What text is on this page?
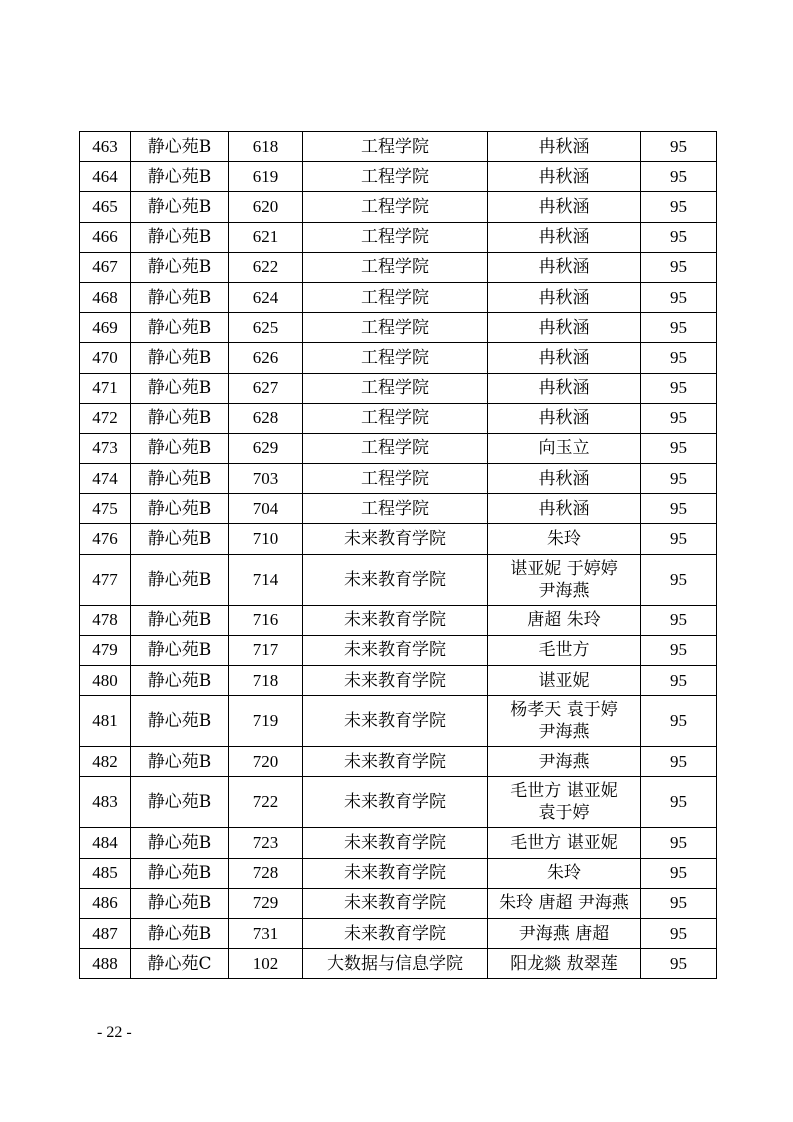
463	静心苑B	618	工程学院	冉秋涵	95
464	静心苑B	619	工程学院	冉秋涵	95
465	静心苑B	620	工程学院	冉秋涵	95
466	静心苑B	621	工程学院	冉秋涵	95
467	静心苑B	622	工程学院	冉秋涵	95
468	静心苑B	624	工程学院	冉秋涵	95
469	静心苑B	625	工程学院	冉秋涵	95
470	静心苑B	626	工程学院	冉秋涵	95
471	静心苑B	627	工程学院	冉秋涵	95
472	静心苑B	628	工程学院	冉秋涵	95
473	静心苑B	629	工程学院	向玉立	95
474	静心苑B	703	工程学院	冉秋涵	95
475	静心苑B	704	工程学院	冉秋涵	95
476	静心苑B	710	未来教育学院	朱玲	95
477	静心苑B	714	未来教育学院	谌亚妮 于婷婷
尹海燕	95
478	静心苑B	716	未来教育学院	唐超 朱玲	95
479	静心苑B	717	未来教育学院	毛世方	95
480	静心苑B	718	未来教育学院	谌亚妮	95
481	静心苑B	719	未来教育学院	杨孝天 袁于婷
尹海燕	95
482	静心苑B	720	未来教育学院	尹海燕	95
483	静心苑B	722	未来教育学院	毛世方 谌亚妮
袁于婷	95
484	静心苑B	723	未来教育学院	毛世方 谌亚妮	95
485	静心苑B	728	未来教育学院	朱玲	95
486	静心苑B	729	未来教育学院	朱玲 唐超 尹海燕	95
487	静心苑B	731	未来教育学院	尹海燕 唐超	95
488	静心苑C	102	大数据与信息学院	阳龙燚 敖翠莲	95
- 22 -
